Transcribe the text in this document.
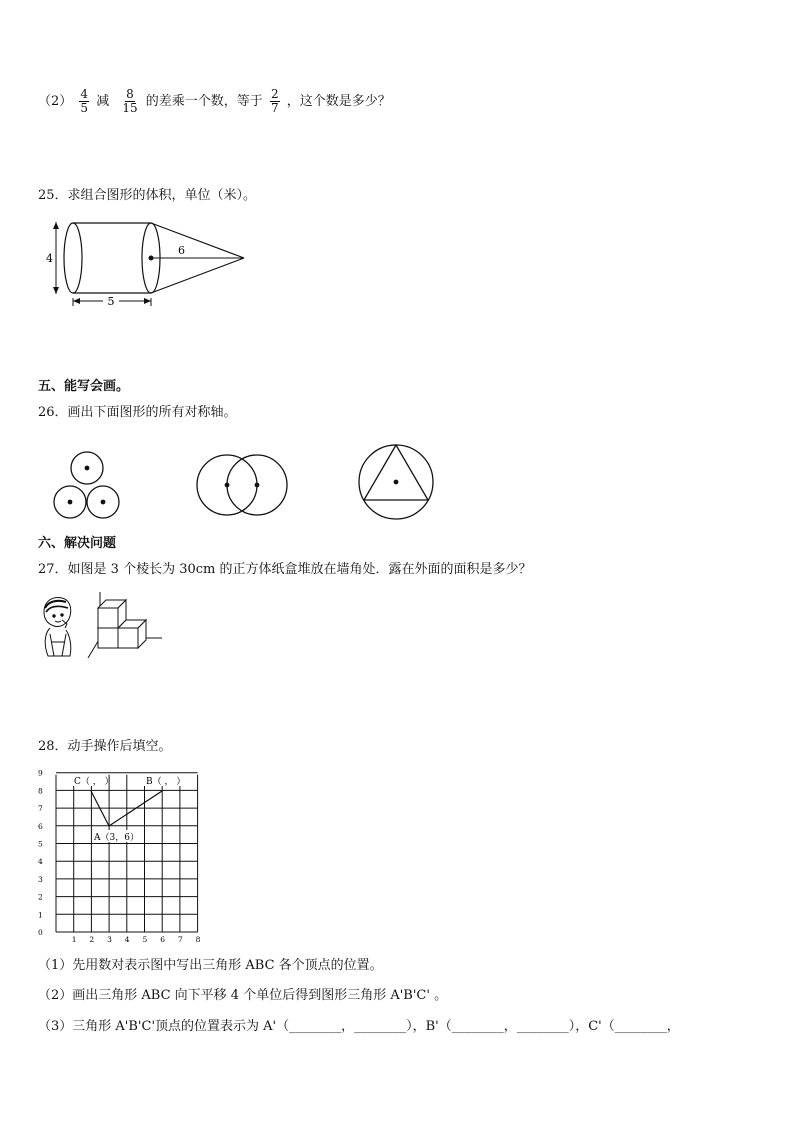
$(2) \frac{4}{5}$ 减 $\frac{8}{15}$ 的差乘一个数，等于 $\frac{2}{7}$ ，这个数是多少？
25．求组合图形的体积，单位（米）。
4
6
5
五、能写会画。
26．画出下面图形的所有对称轴。
六、解决问题
27．如图是 3 个棱长为 30cm 的正方体纸盒堆放在墙角处．露在外面的面积是多少？
28．动手操作后填空。
0
1
2
3
4
5
6
7
8
9
1 2 3 4 5 6 7 8
C（ ， ）	B（ ， ）
A（3，6）
（1）先用数对表示图中写出三角形 ABC 各个顶点的位置。
（2）画出三角形 ABC 向下平移 4 个单位后得到图形三角形 A'B'C' 。
（3）三角形 A'B'C'顶点的位置表示为 A'（________，________），B'（________，________），C'（________，
